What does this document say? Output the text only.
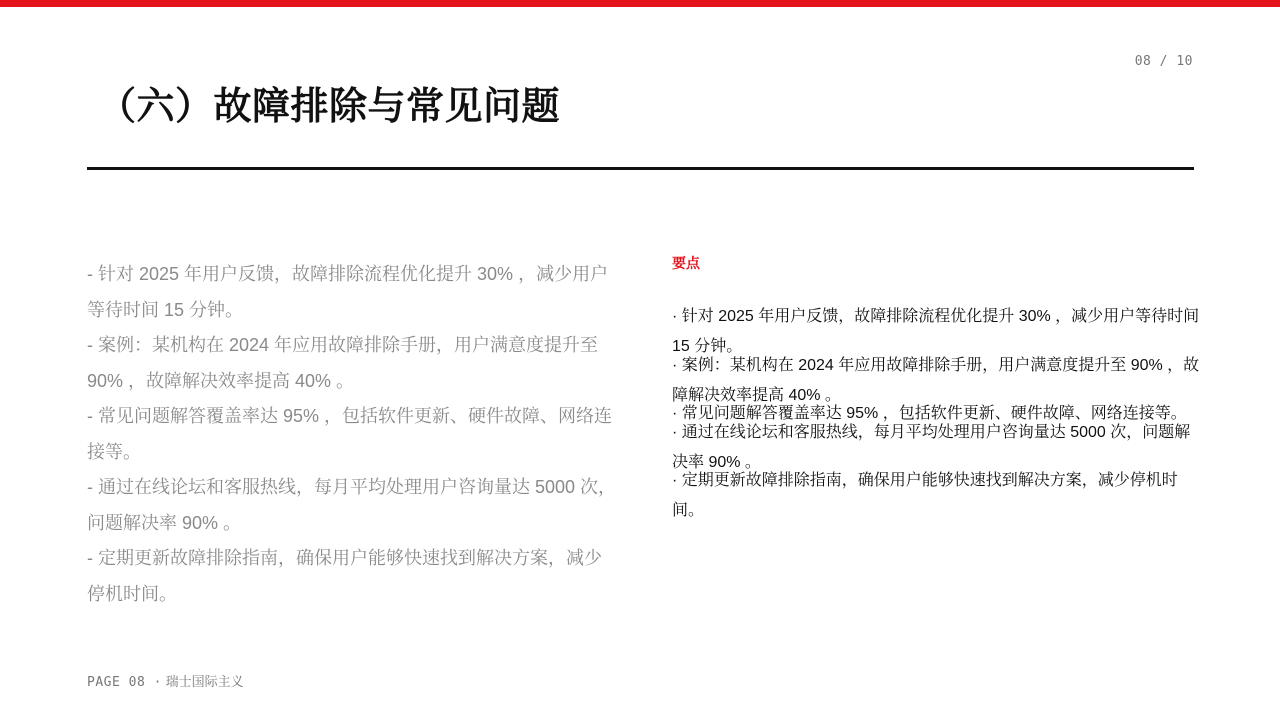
08 / 10
（六）故障排除与常见问题

- 针对 2025 年用户反馈，故障排除流程优化提升 30% ，减少用户等待时间 15 分钟。

- 案例：某机构在 2024 年应用故障排除手册，用户满意度提升至 90% ，故障解决效率提高 40% 。

- 常见问题解答覆盖率达 95% ，包括软件更新、硬件故障、网络连接等。

- 通过在线论坛和客服热线，每月平均处理用户咨询量达 5000 次，问题解决率 90% 。

- 定期更新故障排除指南，确保用户能够快速找到解决方案，减少停机时间。

要点

· 针对 2025 年用户反馈，故障排除流程优化提升 30% ，减少用户等待时间 15 分钟。

· 案例：某机构在 2024 年应用故障排除手册，用户满意度提升至 90% ，故障解决效率提高 40% 。

· 常见问题解答覆盖率达 95% ，包括软件更新、硬件故障、网络连接等。

· 通过在线论坛和客服热线，每月平均处理用户咨询量达 5000 次，问题解决率 90% 。

· 定期更新故障排除指南，确保用户能够快速找到解决方案，减少停机时间。

PAGE 08 · 瑞士国际主义
